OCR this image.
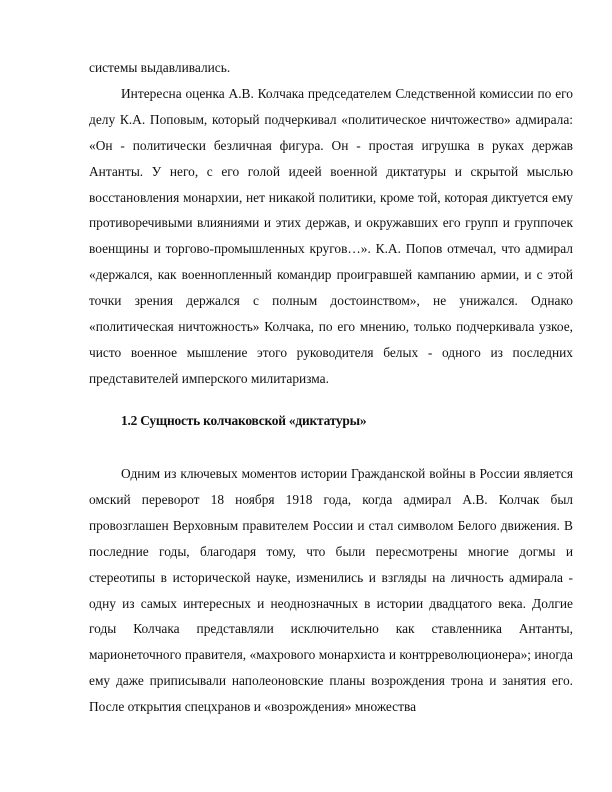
системы выдавливались.

Интересна оценка А.В. Колчака председателем Следственной комиссии по его делу К.А. Поповым, который подчеркивал «политическое ничтожество» адмирала: «Он - политически безличная фигура. Он - простая игрушка в руках держав Антанты. У него, с его голой идеей военной диктатуры и скрытой мыслью восстановления монархии, нет никакой политики, кроме той, которая диктуется ему противоречивыми влияниями и этих держав, и окружавших его групп и группочек военщины и торгово-промышленных кругов…». К.А. Попов отмечал, что адмирал «держался, как военнопленный командир проигравшей кампанию армии, и с этой точки зрения держался с полным достоинством», не унижался. Однако «политическая ничтожность» Колчака, по его мнению, только подчеркивала узкое, чисто военное мышление этого руководителя белых - одного из последних представителей имперского милитаризма.

1.2 Сущность колчаковской «диктатуры»

Одним из ключевых моментов истории Гражданской войны в России является омский переворот 18 ноября 1918 года, когда адмирал А.В. Колчак был провозглашен Верховным правителем России и стал символом Белого движения. В последние годы, благодаря тому, что были пересмотрены многие догмы и стереотипы в исторической науке, изменились и взгляды на личность адмирала - одну из самых интересных и неоднозначных в истории двадцатого века. Долгие годы Колчака представляли исключительно как ставленника Антанты, марионеточного правителя, «махрового монархиста и контрреволюционера»; иногда ему даже приписывали наполеоновские планы возрождения трона и занятия его. После открытия спецхранов и «возрождения» множества
